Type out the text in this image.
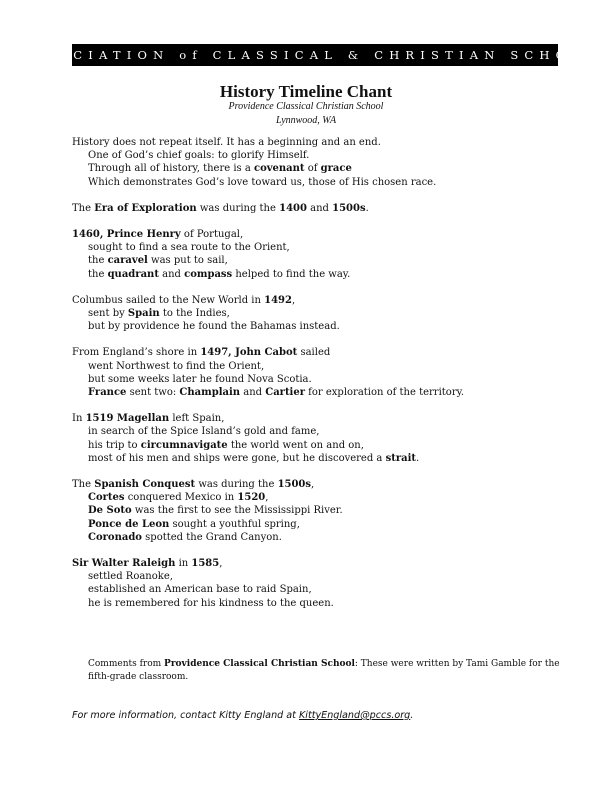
ASSOCIATION of CLASSICAL & CHRISTIAN SCHOOLS
History Timeline Chant
Providence Classical Christian School
Lynnwood, WA
History does not repeat itself. It has a beginning and an end.
One of God’s chief goals: to glorify Himself.
Through all of history, there is a covenant of grace
Which demonstrates God’s love toward us, those of His chosen race.
The Era of Exploration was during the 1400 and 1500s.
1460, Prince Henry of Portugal,
sought to find a sea route to the Orient,
the caravel was put to sail,
the quadrant and compass helped to find the way.
Columbus sailed to the New World in 1492,
sent by Spain to the Indies,
but by providence he found the Bahamas instead.
From England’s shore in 1497, John Cabot sailed
went Northwest to find the Orient,
but some weeks later he found Nova Scotia.
France sent two: Champlain and Cartier for exploration of the territory.
In 1519 Magellan left Spain,
in search of the Spice Island’s gold and fame,
his trip to circumnavigate the world went on and on,
most of his men and ships were gone, but he discovered a strait.
The Spanish Conquest was during the 1500s,
Cortes conquered Mexico in 1520,
De Soto was the first to see the Mississippi River.
Ponce de Leon sought a youthful spring,
Coronado spotted the Grand Canyon.
Sir Walter Raleigh in 1585,
settled Roanoke,
established an American base to raid Spain,
he is remembered for his kindness to the queen.
Comments from Providence Classical Christian School: These were written by Tami Gamble for the fifth-grade classroom.
For more information, contact Kitty England at KittyEngland@pccs.org.
